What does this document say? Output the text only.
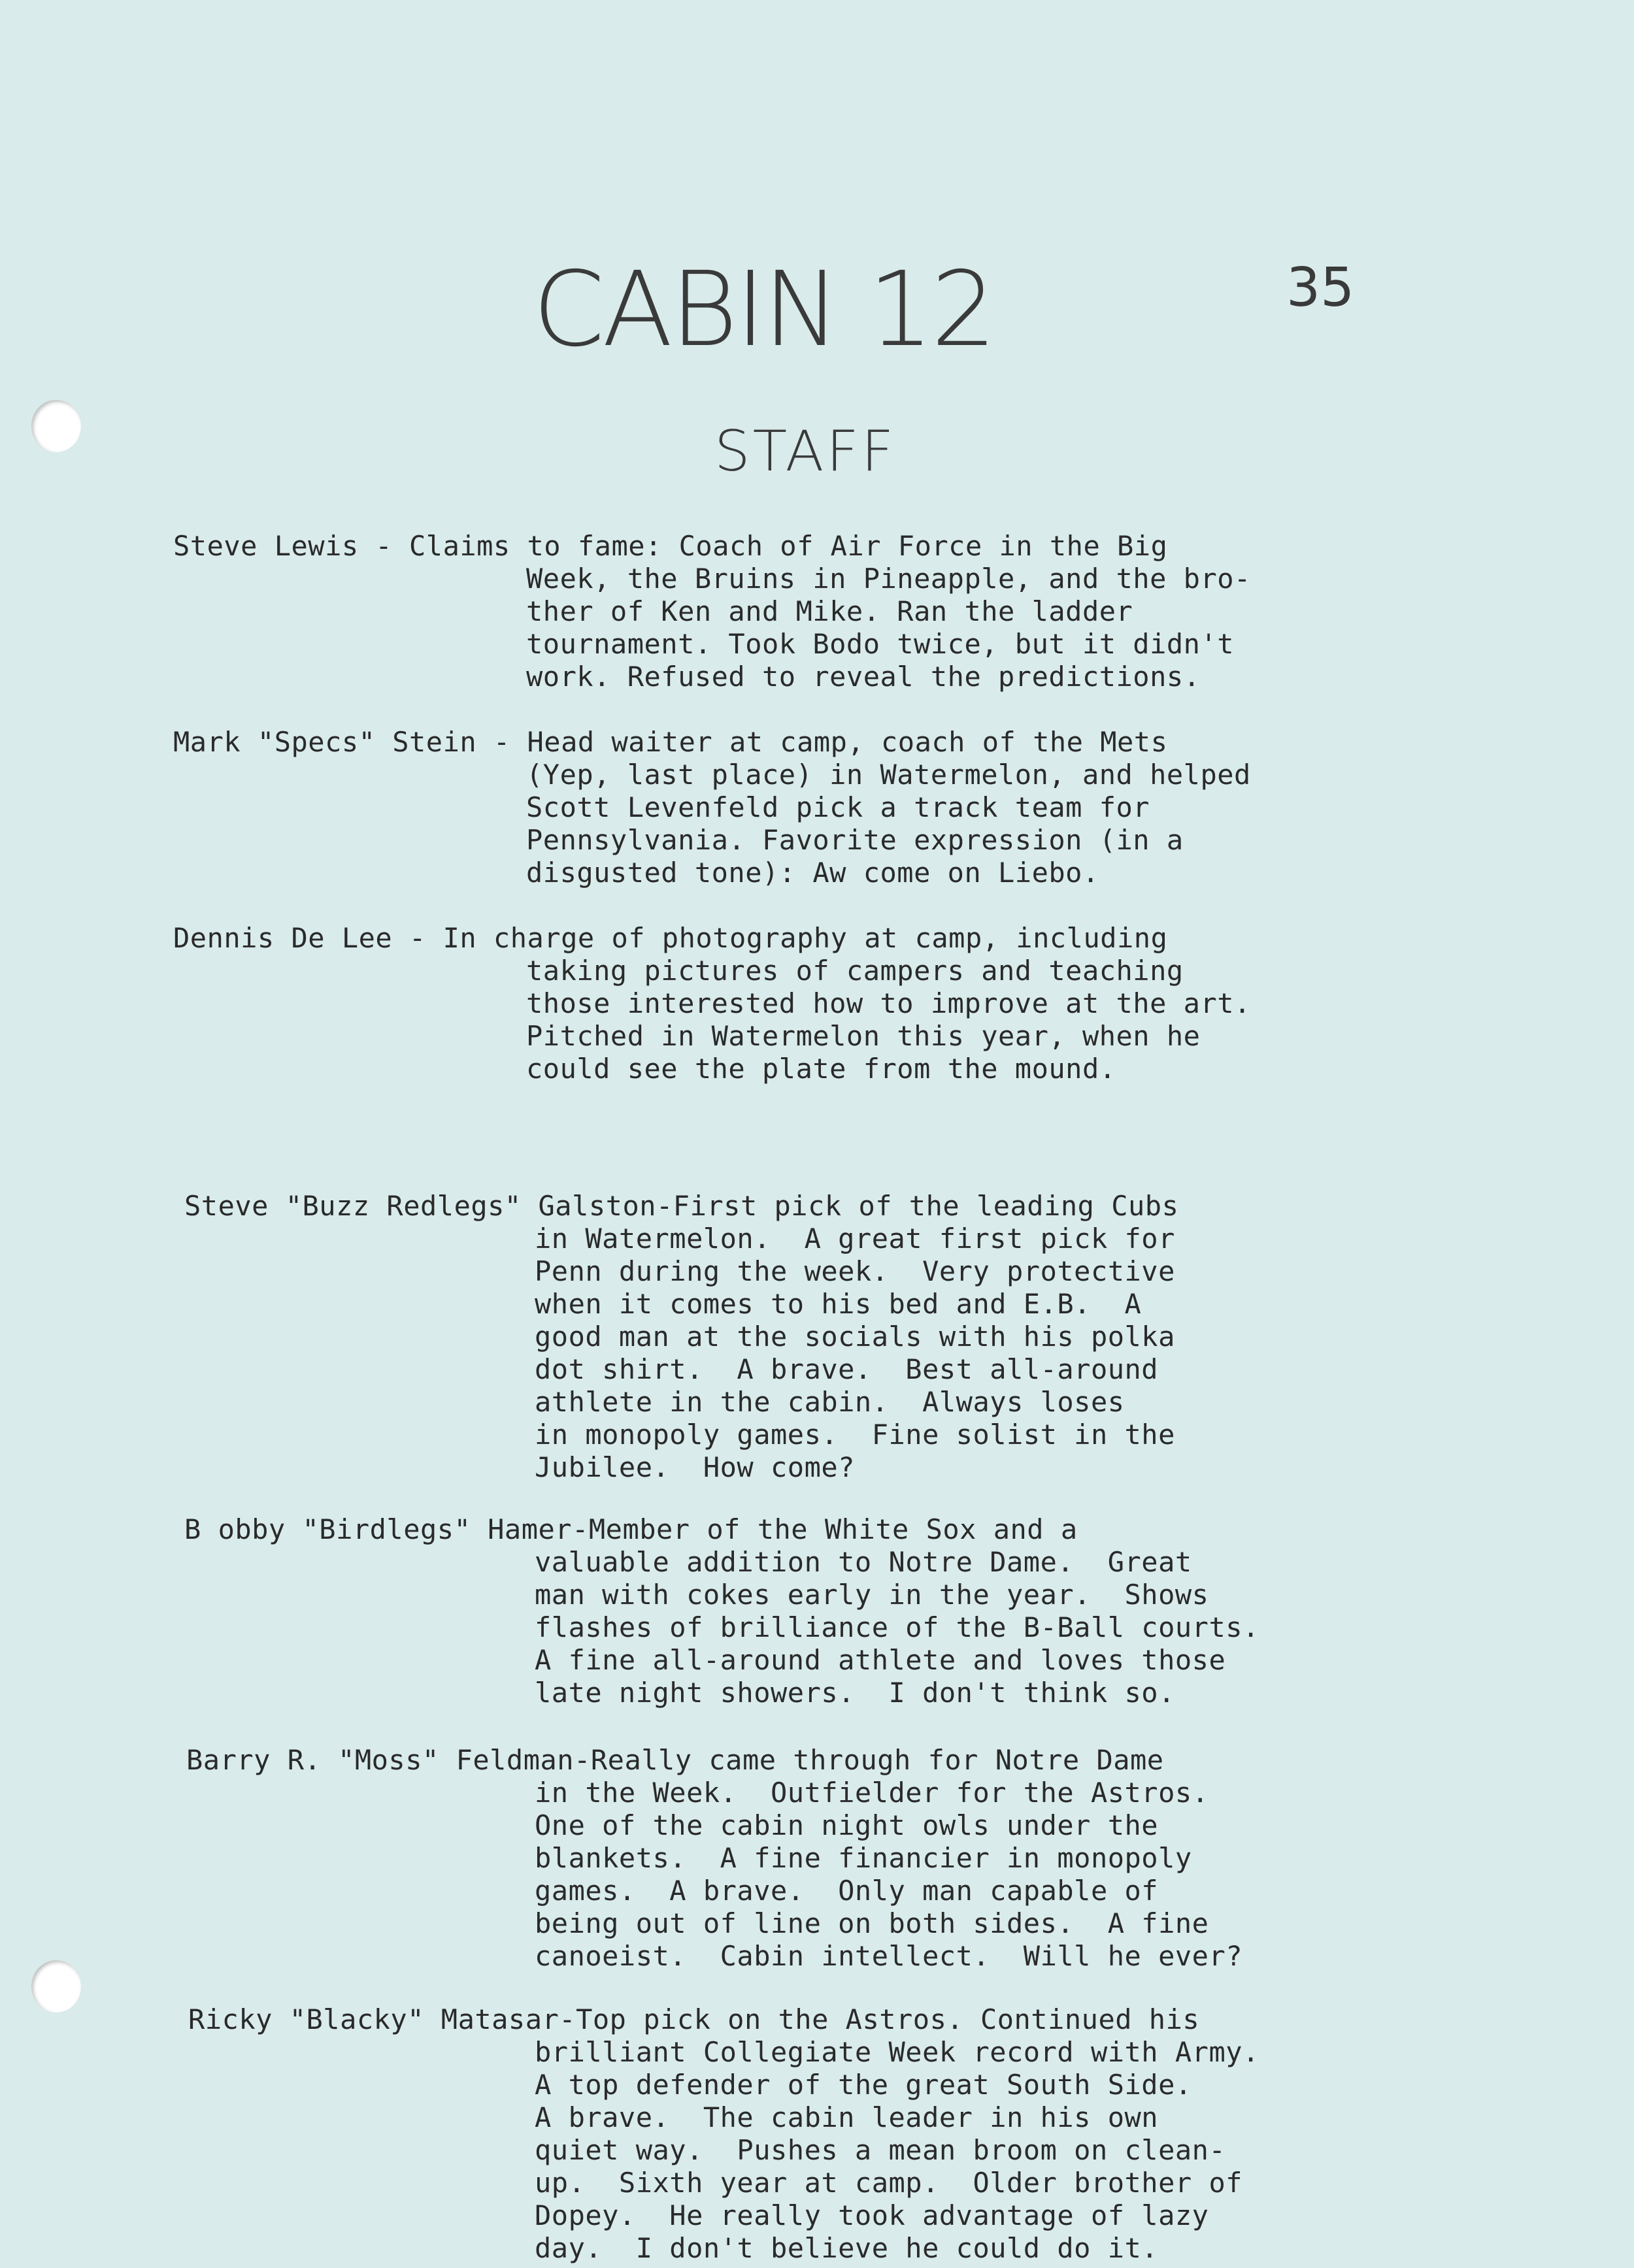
CABIN 12	35
STAFF
Steve Lewis - Claims to fame: Coach of Air Force in the Big
Week, the Bruins in Pineapple, and the bro-
ther of Ken and Mike. Ran the ladder
tournament. Took Bodo twice, but it didn't
work. Refused to reveal the predictions.
Mark "Specs" Stein - Head waiter at camp, coach of the Mets
(Yep, last place) in Watermelon, and helped
Scott Levenfeld pick a track team for
Pennsylvania. Favorite expression (in a
disgusted tone): Aw come on Liebo.
Dennis De Lee - In charge of photography at camp, including
taking pictures of campers and teaching
those interested how to improve at the art.
Pitched in Watermelon this year, when he
could see the plate from the mound.
Steve "Buzz Redlegs" Galston-First pick of the leading Cubs
in Watermelon.  A great first pick for
Penn during the week.  Very protective
when it comes to his bed and E.B.  A
good man at the socials with his polka
dot shirt.  A brave.  Best all-around
athlete in the cabin.  Always loses
in monopoly games.  Fine solist in the
Jubilee.  How come?
B obby "Birdlegs" Hamer-Member of the White Sox and a
valuable addition to Notre Dame.  Great
man with cokes early in the year.  Shows
flashes of brilliance of the B-Ball courts.
A fine all-around athlete and loves those
late night showers.  I don't think so.
Barry R. "Moss" Feldman-Really came through for Notre Dame
in the Week.  Outfielder for the Astros.
One of the cabin night owls under the
blankets.  A fine financier in monopoly
games.  A brave.  Only man capable of
being out of line on both sides.  A fine
canoeist.  Cabin intellect.  Will he ever?
Ricky "Blacky" Matasar-Top pick on the Astros. Continued his
brilliant Collegiate Week record with Army.
A top defender of the great South Side.
A brave.  The cabin leader in his own
quiet way.  Pushes a mean broom on clean-
up.  Sixth year at camp.  Older brother of
Dopey.  He really took advantage of lazy
day.  I don't believe he could do it.
